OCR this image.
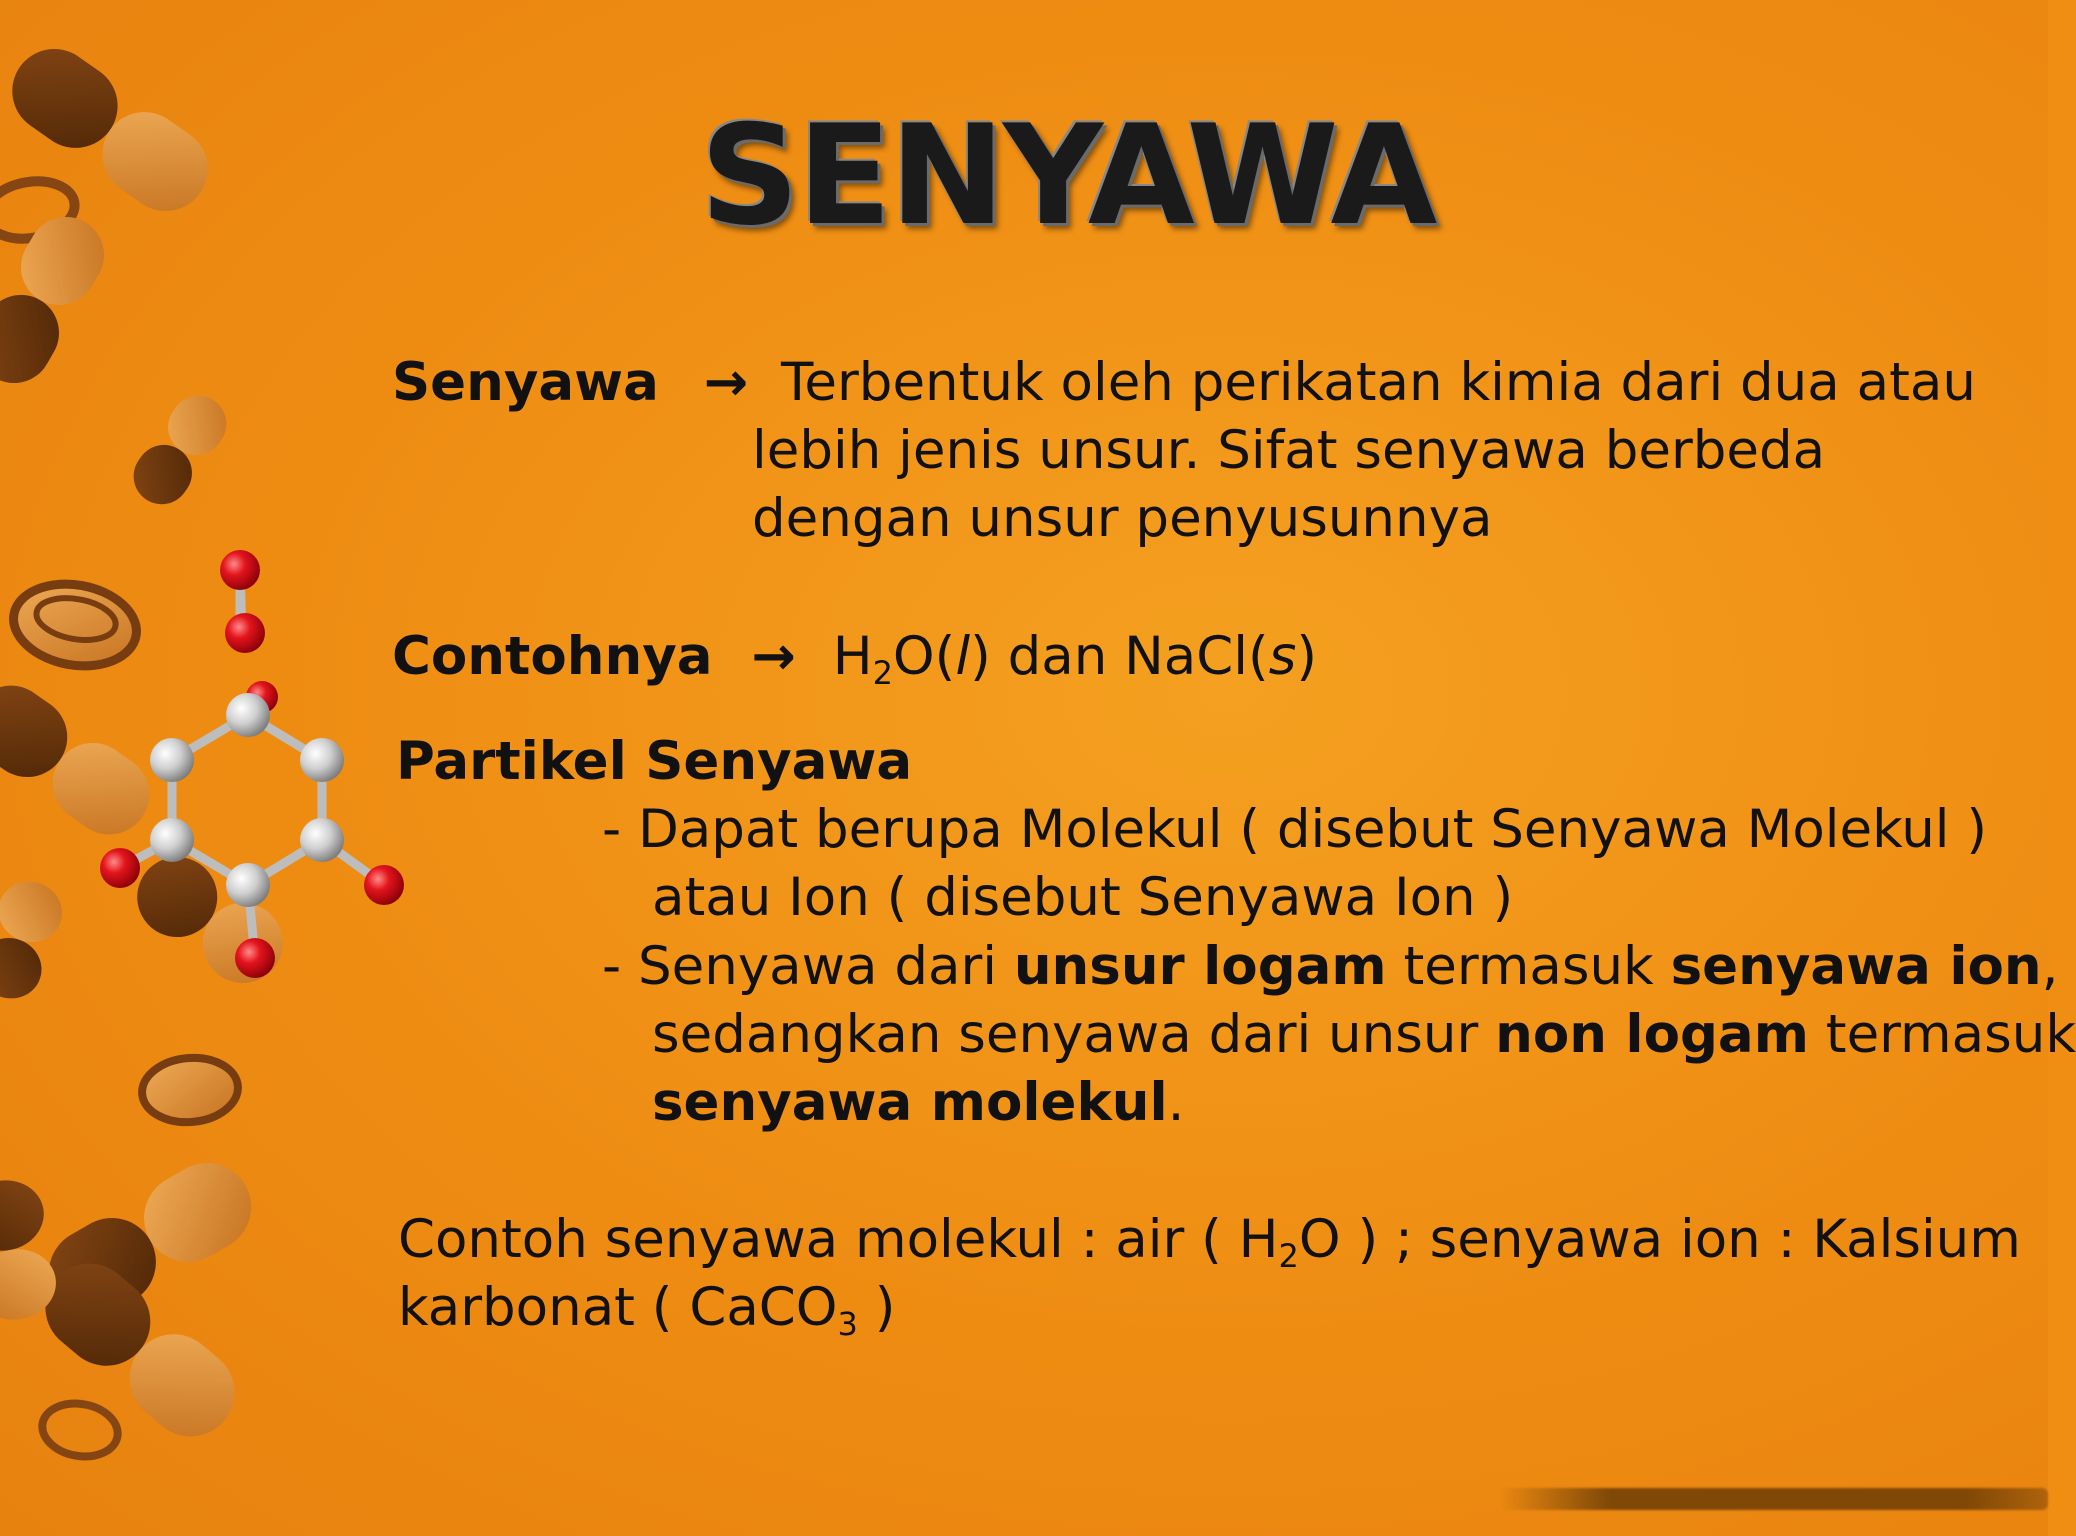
SENYAWA
Senyawa → Terbentuk oleh perikatan kimia dari dua atau
lebih jenis unsur. Sifat senyawa berbeda
dengan unsur penyusunnya
Contohnya → $H_2O(l)$ dan NaCl(s)
Partikel Senyawa
- Dapat berupa Molekul ( disebut Senyawa Molekul )
atau Ion ( disebut Senyawa Ion )
- Senyawa dari unsur logam termasuk senyawa ion,
sedangkan senyawa dari unsur non logam termasuk
senyawa molekul.
Contoh senyawa molekul : air ( $H_2O$ ) ; senyawa ion : Kalsium
karbonat ( CaCO$_3$ )
